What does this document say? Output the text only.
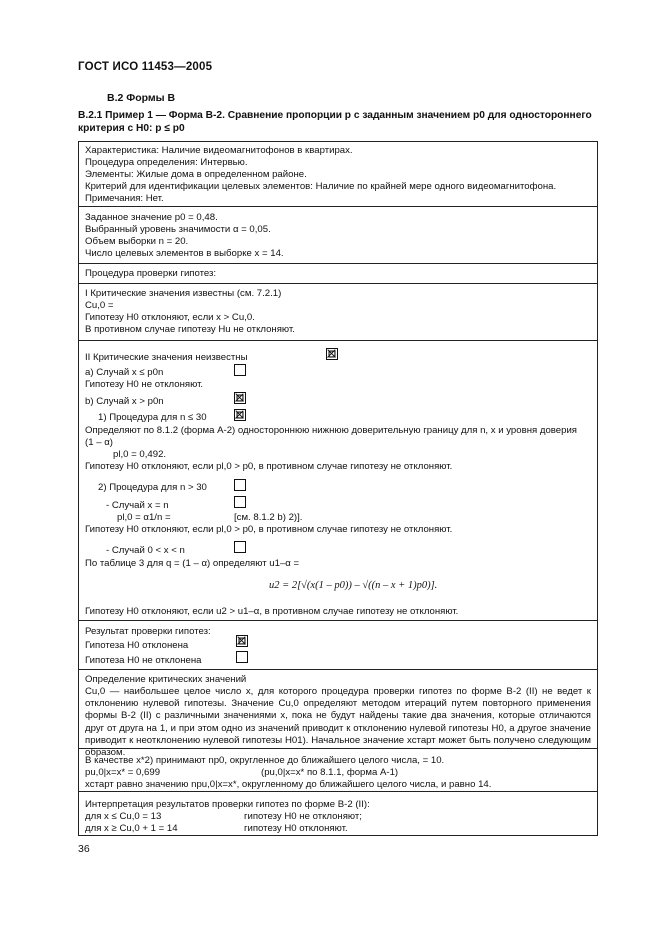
ГОСТ ИСО 11453—2005
В.2 Формы В
В.2.1 Пример 1 — Форма В-2. Сравнение пропорции p с заданным значением p0 для одностороннего критерия с H0: p ≤ p0
Характеристика: Наличие видеомагнитофонов в квартирах.
Процедура определения: Интервью.
Элементы: Жилые дома в определенном районе.
Критерий для идентификации целевых элементов: Наличие по крайней мере одного видеомагнитофона.
Примечания: Нет.
Заданное значение p0 = 0,48.
Выбранный уровень значимости α = 0,05.
Объем выборки n = 20.
Число целевых элементов в выборке x = 14.
Процедура проверки гипотез:
I Критические значения известны (см. 7.2.1)
Cu,0 =
Гипотезу H0 отклоняют, если x > Cu,0.
В противном случае гипотезу Hu не отклоняют.
II Критические значения неизвестны
а) Случай x ≤ p0n
Гипотезу H0 не отклоняют.
b) Случай x > p0n
1) Процедура для n ≤ 30
Определяют по 8.1.2 (форма А-2) одностороннюю нижнюю доверительную границу для n, x и уровня доверия
(1 – α)
pl,0 = 0,492.
Гипотезу H0 отклоняют, если pl,0 > p0, в противном случае гипотезу не отклоняют.
2) Процедура для n > 30
- Случай x = n
pl,0 = α1/n =	[см. 8.1.2 b) 2)].
Гипотезу H0 отклоняют, если pl,0 > p0, в противном случае гипотезу не отклоняют.
- Случай 0 < x < n
По таблице 3 для q = (1 – α) определяют u1–α =
u2 = 2[√(x(1 – p0)) – √((n – x + 1)p0)].
Гипотезу H0 отклоняют, если u2 > u1–α, в противном случае гипотезу не отклоняют.
Результат проверки гипотез:
Гипотеза H0 отклонена
Гипотеза H0 не отклонена
Определение критических значений
Cu,0 — наибольшее целое число x, для которого процедура проверки гипотез по форме В-2 (II) не ведет к отклонению нулевой гипотезы. Значение Cu,0 определяют методом итераций путем повторного применения формы В-2 (II) с различными значениями x, пока не будут найдены такие два значения, которые отличаются друг от друга на 1, и при этом одно из значений приводит к отклонению нулевой гипотезы H0, а другое значение приводит к неотклонению нулевой гипотезы H01). Начальное значение xстарт может быть получено следующим образом.
В качестве x*2) принимают np0, округленное до ближайшего целого числа, = 10.
pu,0|x=x* = 0,699	(pu,0|x=x* по 8.1.1, форма А-1)
xстарт равно значению npu,0|x=x*, округленному до ближайшего целого числа, и равно 14.
Интерпретация результатов проверки гипотез по форме В-2 (II):
для x ≤ Cu,0 = 13	гипотезу H0 не отклоняют;
для x ≥ Cu,0 + 1 = 14	гипотезу H0 отклоняют.
36
